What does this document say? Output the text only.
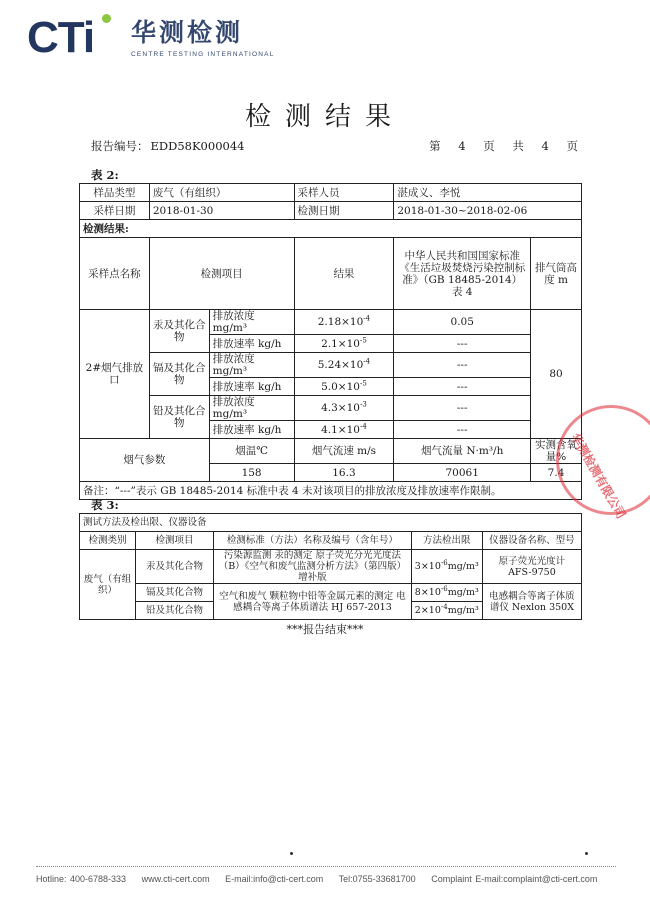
CTi 华测检测
CENTRE TESTING INTERNATIONAL
检测结果
报告编号： EDD58K000044	第 4 页 共 4 页
表 2:
样品类型	废气（有组织）		采样人员	湛成义、李悦	
采样日期	2018-01-30		检测日期	2018-01-30~2018-02-06	
检测结果:					
采样点名称	检测项目		结果	中华人民共和国国家标准《生活垃圾焚烧污染控制标准》（GB 18485-2014）表 4	排气筒高度 m
2#烟气排放口	汞及其化合物	排放浓度 mg/m³	$2.18\times 10^{-4}$	0.05	80
		排放速率 kg/h	$2.1\times 10^{-5}$	---	
	镉及其化合物	排放浓度 mg/m³	$5.24\times 10^{-4}$	---	
		排放速率 kg/h	$5.0\times 10^{-5}$	---	
	铅及其化合物	排放浓度 mg/m³	$4.3\times 10^{-3}$	---	
		排放速率 kg/h	$4.1\times 10^{-4}$	---	
烟气参数		烟温℃	烟气流速 m/s	烟气流量 N·m³/h	实测含氧量%
		158	16.3	70061	7.4
备注：“---”表示 GB 18485-2014 标准中表 4 未对该项目的排放浓度及排放速率作限制。					
表 3:
测试方法及检出限、仪器设备				
检测类别	检测项目	检测标准（方法）名称及编号（含年号）	方法检出限	仪器设备名称、型号
废气（有组织）	汞及其化合物	污染源监测 汞的测定 原子荧光分光光度法（B）《空气和废气监测分析方法》（第四版）增补版	$3\times 10^{-6}mg/m^3$	原子荧光光度计 AFS-9750
	镉及其化合物	空气和废气 颗粒物中铅等金属元素的测定 电感耦合等离子体质谱法 HJ 657-2013	$8\times 10^{-6}mg/m^3$	电感耦合等离子体质谱仪 Nexlon 350X
	铅及其化合物		$2\times 10^{-4}mg/m^3$	
***报告结束***
华测检测有限公司
Hotline: 400-6788-333 www.cti-cert.com E-mail:info@cti-cert.com Tel:0755-33681700 Complaint E-mail:complaint@cti-cert.com
